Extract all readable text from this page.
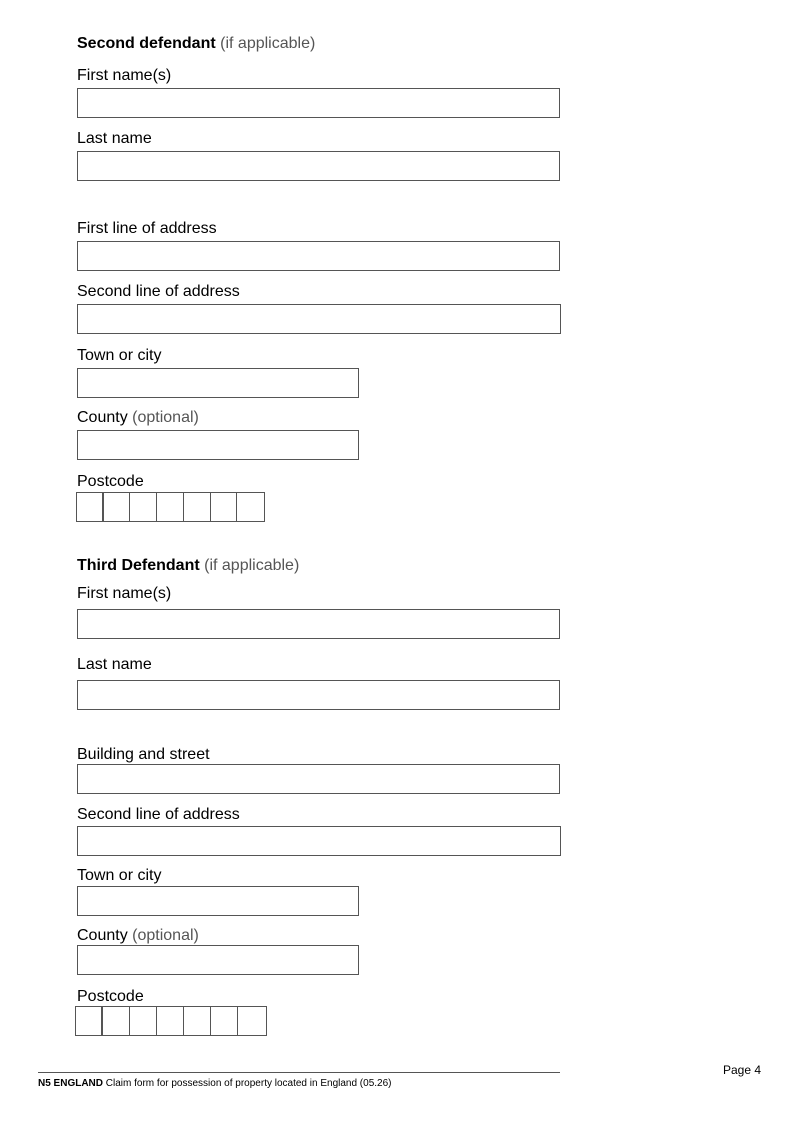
Second defendant (if applicable)
First name(s)
Last name
First line of address
Second line of address
Town or city
County (optional)
Postcode
Third Defendant (if applicable)
First name(s)
Last name
Building and street
Second line of address
Town or city
County (optional)
Postcode
Page 4
N5 ENGLAND Claim form for possession of property located in England (05.26)
